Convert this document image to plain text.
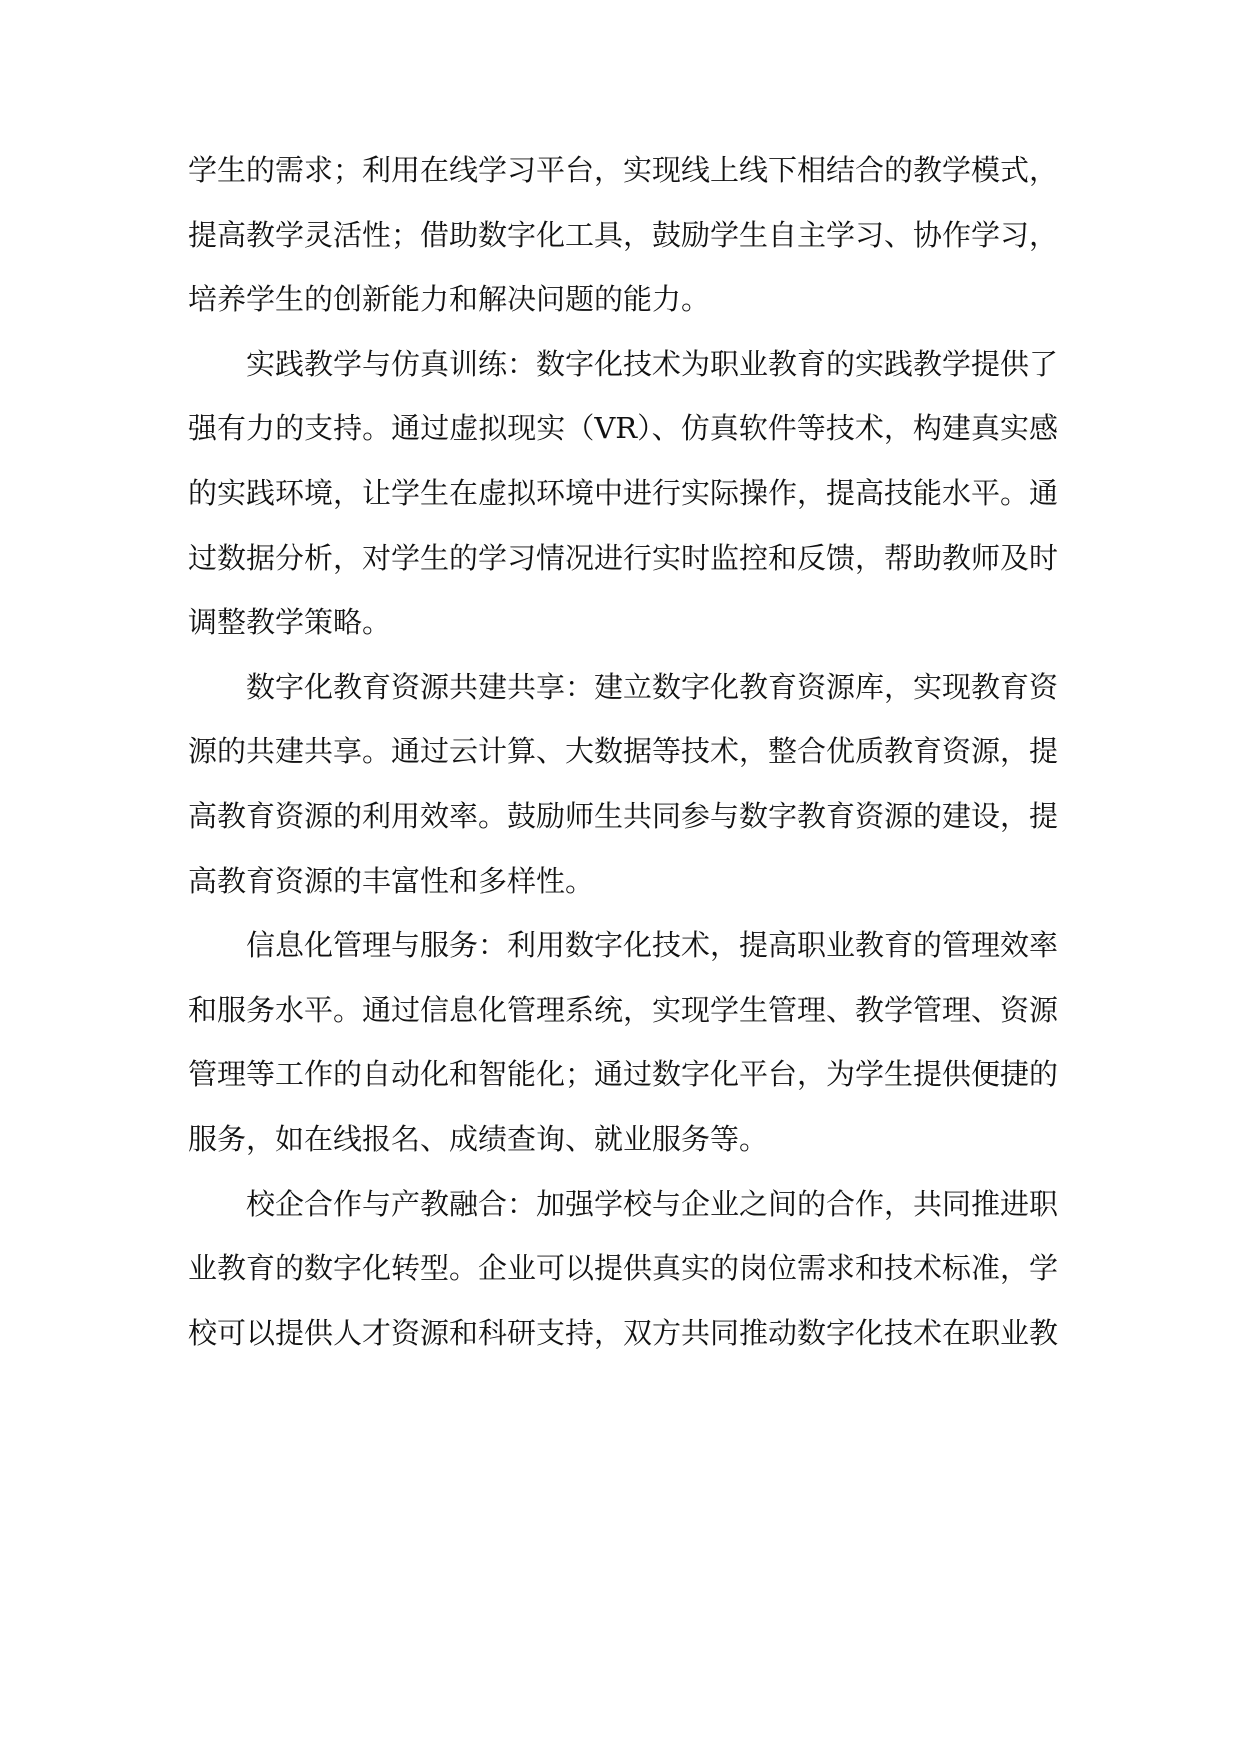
学生的需求；利用在线学习平台，实现线上线下相结合的教学模式，
提高教学灵活性；借助数字化工具，鼓励学生自主学习、协作学习，
培养学生的创新能力和解决问题的能力。
实践教学与仿真训练：数字化技术为职业教育的实践教学提供了
强有力的支持。通过虚拟现实（VR）、仿真软件等技术，构建真实感
的实践环境，让学生在虚拟环境中进行实际操作，提高技能水平。通
过数据分析，对学生的学习情况进行实时监控和反馈，帮助教师及时
调整教学策略。
数字化教育资源共建共享：建立数字化教育资源库，实现教育资
源的共建共享。通过云计算、大数据等技术，整合优质教育资源，提
高教育资源的利用效率。鼓励师生共同参与数字教育资源的建设，提
高教育资源的丰富性和多样性。
信息化管理与服务：利用数字化技术，提高职业教育的管理效率
和服务水平。通过信息化管理系统，实现学生管理、教学管理、资源
管理等工作的自动化和智能化；通过数字化平台，为学生提供便捷的
服务，如在线报名、成绩查询、就业服务等。
校企合作与产教融合：加强学校与企业之间的合作，共同推进职
业教育的数字化转型。企业可以提供真实的岗位需求和技术标准，学
校可以提供人才资源和科研支持，双方共同推动数字化技术在职业教
